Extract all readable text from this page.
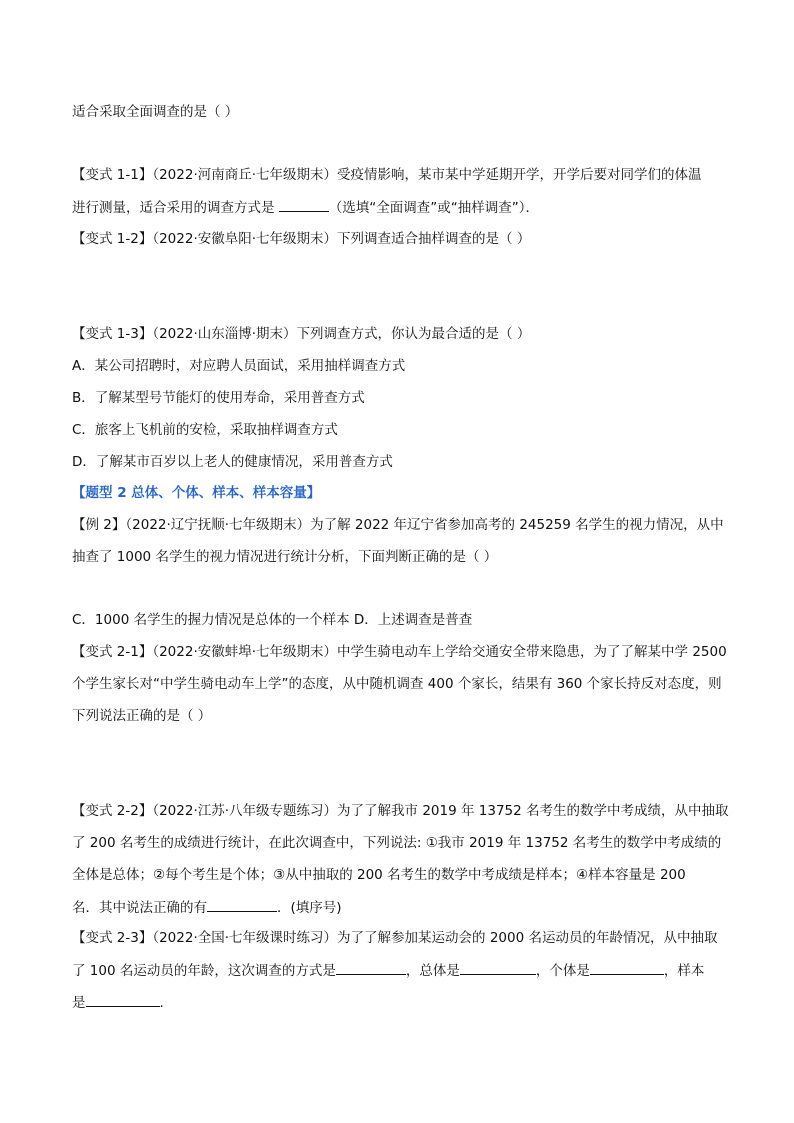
适合采取全面调查的是（ ）
【变式 1-1】（2022·河南商丘·七年级期末）受疫情影响，某市某中学延期开学，开学后要对同学们的体温
进行测量，适合采用的调查方式是	（选填“全面调查”或“抽样调查”）．
【变式 1-2】（2022·安徽阜阳·七年级期末）下列调查适合抽样调查的是（ ）
【变式 1-3】（2022·山东淄博·期末）下列调查方式，你认为最合适的是（ ）
A．某公司招聘时，对应聘人员面试，采用抽样调查方式
B．了解某型号节能灯的使用寿命，采用普查方式
C．旅客上飞机前的安检，采取抽样调查方式
D．了解某市百岁以上老人的健康情况，采用普查方式
【题型 2 总体、个体、样本、样本容量】
【例 2】（2022·辽宁抚顺·七年级期末）为了解 2022 年辽宁省参加高考的 245259 名学生的视力情况，从中
抽查了 1000 名学生的视力情况进行统计分析，下面判断正确的是（ ）
C．1000 名学生的握力情况是总体的一个样本 D．上述调查是普查
【变式 2-1】（2022·安徽蚌埠·七年级期末）中学生骑电动车上学给交通安全带来隐患，为了了解某中学 2500
个学生家长对“中学生骑电动车上学”的态度，从中随机调查 400 个家长，结果有 360 个家长持反对态度，则
下列说法正确的是（ ）
【变式 2-2】（2022·江苏·八年级专题练习）为了了解我市 2019 年 13752 名考生的数学中考成绩，从中抽取
了 200 名考生的成绩进行统计，在此次调查中，下列说法: ①我市 2019 年 13752 名考生的数学中考成绩的
全体是总体；②每个考生是个体；③从中抽取的 200 名考生的数学中考成绩是样本；④样本容量是 200
名．其中说法正确的有	．(填序号)
【变式 2-3】（2022·全国·七年级课时练习）为了了解参加某运动会的 2000 名运动员的年龄情况，从中抽取
了 100 名运动员的年龄，这次调查的方式是	，总体是	，个体是	，样本
是	.
